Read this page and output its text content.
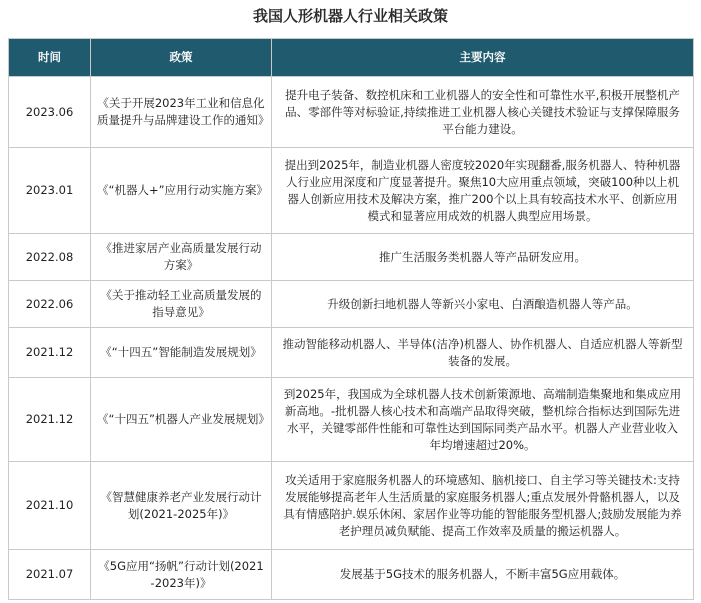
我国人形机器人行业相关政策
时间	政策	主要内容
2023.06	《关于开展2023年工业和信息化质量提升与品牌建设工作的通知》	提升电子装备、数控机床和工业机器人的安全性和可靠性水平,积极开展整机产品、零部件等对标验证,持续推进工业机器人核心关键技术验证与支撑保障服务平台能力建设。
2023.01	《“机器人+”应用行动实施方案》	提出到2025年，制造业机器人密度较2020年实现翻番,服务机器人、特种机器人行业应用深度和广度显著提升。聚焦10大应用重点领域，突破100种以上机器人创新应用技术及解决方案，推广200个以上具有较高技术水平、创新应用模式和显著应用成效的机器人典型应用场景。
2022.08	《推进家居产业高质量发展行动方案》	推广生活服务类机器人等产品研发应用。
2022.06	《关于推动轻工业高质量发展的指导意见》	升级创新扫地机器人等新兴小家电、白酒酿造机器人等产品。
2021.12	《“十四五”智能制造发展规划》	推动智能移动机器人、半导体(洁净)机器人、协作机器人、自适应机器人等新型装备的发展。
2021.12	《“十四五”机器人产业发展规划》	到2025年，我国成为全球机器人技术创新策源地、高端制造集聚地和集成应用新高地。-批机器人核心技术和高端产品取得突破，整机综合指标达到国际先进水平，关键零部件性能和可靠性达到国际同类产品水平。机器人产业营业收入年均增速超过20%。
2021.10	《智慧健康养老产业发展行动计划(2021-2025年)》	攻关适用于家庭服务机器人的环境感知、脑机接口、自主学习等关键技术:支持发展能够提高老年人生活质量的家庭服务机器人;重点发展外骨骼机器人，以及具有情感陪护.娱乐休闲、家居作业等功能的智能服务型机器人;鼓励发展能为养老护理员减负赋能、提高工作效率及质量的搬运机器人。
2021.07	《5G应用“扬帆”行动计划(2021-2023年)》	发展基于5G技术的服务机器人，不断丰富5G应用载体。
